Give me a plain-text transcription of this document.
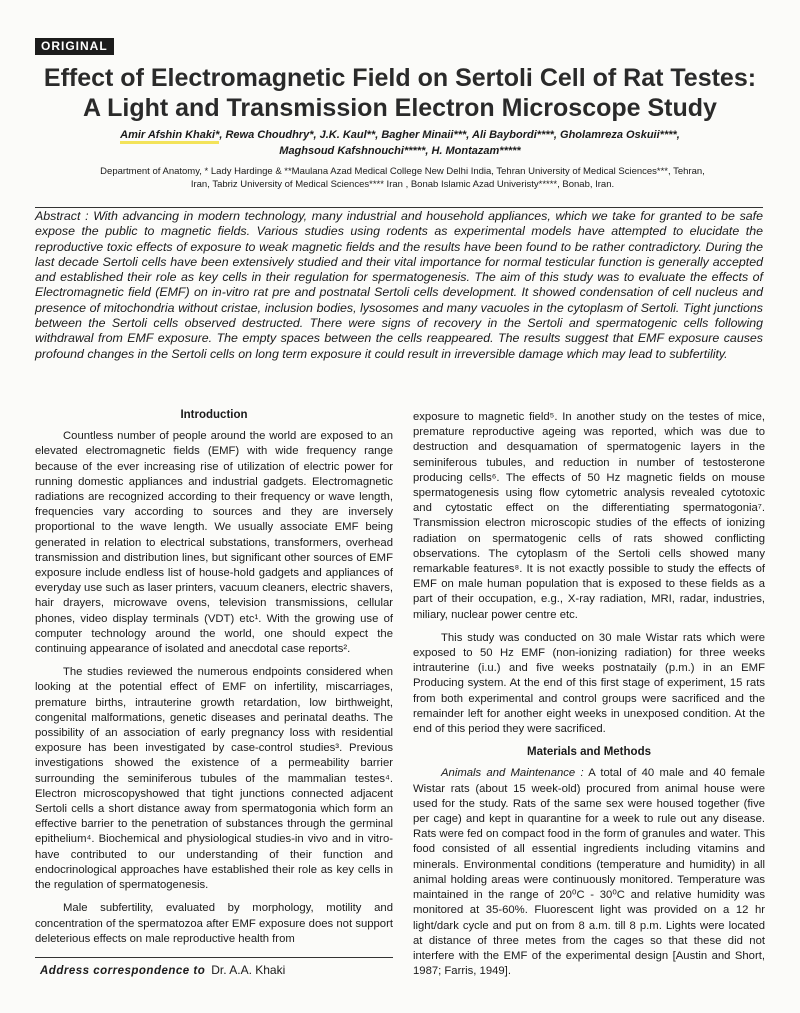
ORIGINAL
Effect of Electromagnetic Field on Sertoli Cell of Rat Testes:
A Light and Transmission Electron Microscope Study
Amir Afshin Khaki*, Rewa Choudhry*, J.K. Kaul**, Bagher Minaii***, Ali Baybordi****, Gholamreza Oskuii****,
Maghsoud Kafshnouchi*****, H. Montazam*****
Department of Anatomy, * Lady Hardinge & **Maulana Azad Medical College New Delhi India, Tehran University of Medical Sciences***, Tehran,
Iran, Tabriz University of Medical Sciences**** Iran , Bonab Islamic Azad Univeristy*****, Bonab, Iran.

Abstract : With advancing in modern technology, many industrial and household appliances, which we take for granted to be safe expose the public to magnetic fields. Various studies using rodents as experimental models have attempted to elucidate the reproductive toxic effects of exposure to weak magnetic fields and the results have been found to be rather contradictory. During the last decade Sertoli cells have been extensively studied and their vital importance for normal testicular function is generally accepted and established their role as key cells in their regulation for spermatogenesis. The aim of this study was to evaluate the effects of Electromagnetic field (EMF) on in-vitro rat pre and postnatal Sertoli cells development. It showed condensation of cell nucleus and presence of mitochondria without cristae, inclusion bodies, lysosomes and many vacuoles in the cytoplasm of Sertoli. Tight junctions between the Sertoli cells observed destructed. There were signs of recovery in the Sertoli and spermatogenic cells following withdrawal from EMF exposure. The empty spaces between the cells reappeared. The results suggest that EMF exposure causes profound changes in the Sertoli cells on long term exposure it could result in irreversible damage which may lead to subfertility.

Introduction

Countless number of people around the world are exposed to an elevated electromagnetic fields (EMF) with wide frequency range because of the ever increasing rise of utilization of electric power for running domestic appliances and industrial gadgets. Electromagnetic radiations are recognized according to their frequency or wave length, frequencies vary according to sources and they are inversely proportional to the wave length. We usually associate EMF being generated in relation to electrical substations, transformers, overhead transmission and distribution lines, but significant other sources of EMF exposure include endless list of house-hold gadgets and appliances of everyday use such as laser printers, vacuum cleaners, electric shavers, hair drayers, microwave ovens, television transmissions, cellular phones, video display terminals (VDT) etc¹. With the growing use of computer technology around the world, one should expect the continuing appearance of isolated and anecdotal case reports².

The studies reviewed the numerous endpoints considered when looking at the potential effect of EMF on infertility, miscarriages, premature births, intrauterine growth retardation, low birthweight, congenital malformations, genetic diseases and perinatal deaths. The possibility of an association of early pregnancy loss with residential exposure has been investigated by case-control studies³. Previous investigations showed the existence of a permeability barrier surrounding the seminiferous tubules of the mammalian testes⁴. Electron microscopyshowed that tight junctions connected adjacent Sertoli cells a short distance away from spermatogonia which form an effective barrier to the penetration of substances through the germinal epithelium⁴. Biochemical and physiological studies-in vivo and in vitro-have contributed to our understanding of their function and endocrinological approaches have established their role as key cells in the regulation of spermatogenesis.

Male subfertility, evaluated by morphology, motility and concentration of the spermatozoa after EMF exposure does not support deleterious effects on male reproductive health from

Address correspondence to Dr. A.A. Khaki

exposure to magnetic field⁵. In another study on the testes of mice, premature reproductive ageing was reported, which was due to destruction and desquamation of spermatogenic layers in the seminiferous tubules, and reduction in number of testosterone producing cells⁶. The effects of 50 Hz magnetic fields on mouse spermatogenesis using flow cytometric analysis revealed cytotoxic and cytostatic effect on the differentiating spermatogonia⁷. Transmission electron microscopic studies of the effects of ionizing radiation on spermatogenic cells of rats showed conflicting observations. The cytoplasm of the Sertoli cells showed many remarkable features⁸. It is not exactly possible to study the effects of EMF on male human population that is exposed to these fields as a part of their occupation, e.g., X-ray radiation, MRI, radar, industries, miliary, nuclear power centre etc.

This study was conducted on 30 male Wistar rats which were exposed to 50 Hz EMF (non-ionizing radiation) for three weeks intrauterine (i.u.) and five weeks postnataily (p.m.) in an EMF Producing system. At the end of this first stage of experiment, 15 rats from both experimental and control groups were sacrificed and the remainder left for another eight weeks in unexposed condition. At the end of this period they were sacrificed.

Materials and Methods

Animals and Maintenance : A total of 40 male and 40 female Wistar rats (about 15 week-old) procured from animal house were used for the study. Rats of the same sex were housed together (five per cage) and kept in quarantine for a week to rule out any disease. Rats were fed on compact food in the form of granules and water. This food consisted of all essential ingredients including vitamins and minerals. Environmental conditions (temperature and humidity) in all animal holding areas were continuously monitored. Temperature was maintained in the range of 20⁰C - 30⁰C and relative humidity was monitored at 35-60%. Fluorescent light was provided on a 12 hr light/dark cycle and put on from 8 a.m. till 8 p.m. Lights were located at distance of three metes from the cages so that these did not interfere with the EMF of the experimental design [Austin and Short, 1987; Farris, 1949].
